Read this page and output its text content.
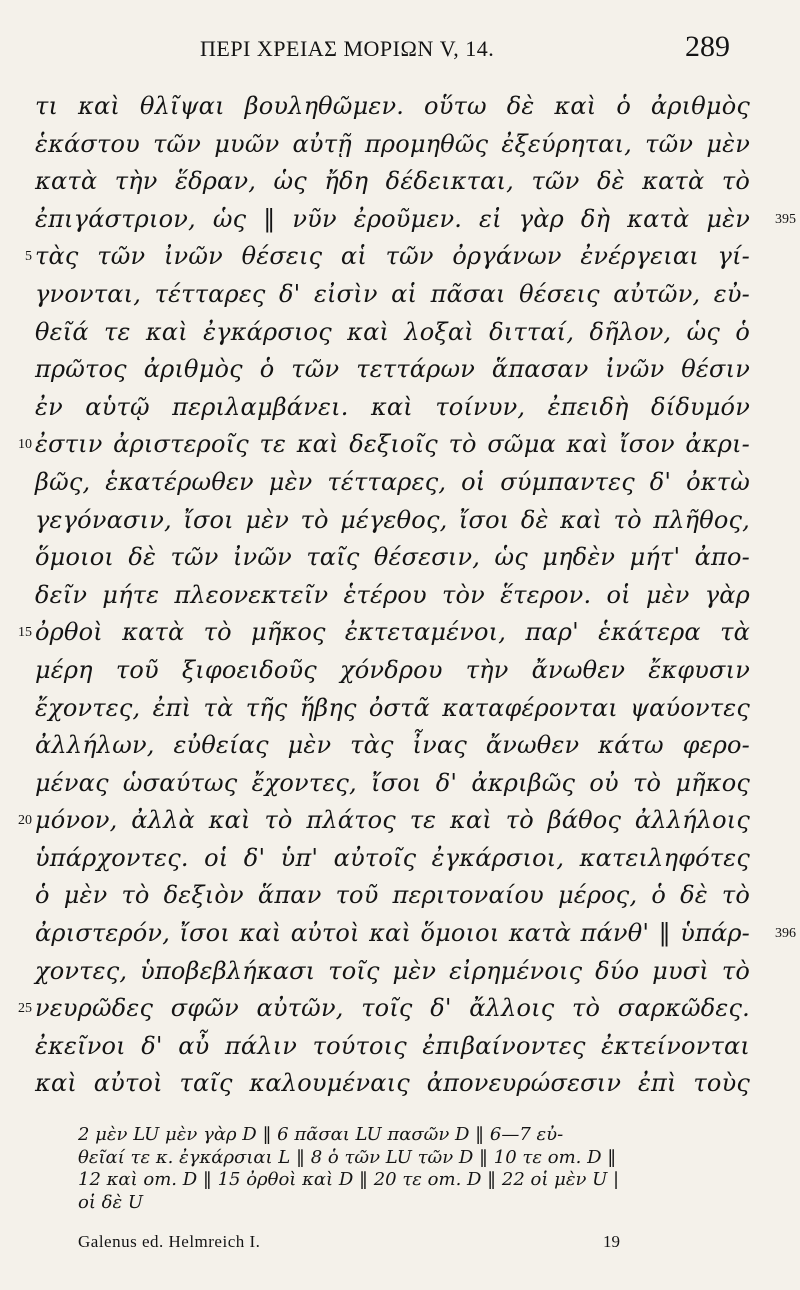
ΠΕΡΙ ΧΡΕΙΑΣ ΜΟΡΙΩΝ V, 14.	289
τι καὶ θλῖψαι βουληθῶμεν. οὕτω δὲ καὶ ὁ ἀριθμὸς
ἑκάστου τῶν μυῶν αὐτῇ προμηθῶς ἐξεύρηται, τῶν μὲν
κατὰ τὴν ἕδραν, ὡς ἤδη δέδεικται, τῶν δὲ κατὰ τὸ
ἐπιγάστριον, ὡς ‖ νῦν ἐροῦμεν. εἰ γὰρ δὴ κατὰ μὲν	395
5 τὰς τῶν ἰνῶν θέσεις αἱ τῶν ὀργάνων ἐνέργειαι γί-
γνονται, τέτταρες δ' εἰσὶν αἱ πᾶσαι θέσεις αὐτῶν, εὐ-
θεῖά τε καὶ ἐγκάρσιος καὶ λοξαὶ διτταί, δῆλον, ὡς ὁ
πρῶτος ἀριθμὸς ὁ τῶν τεττάρων ἅπασαν ἰνῶν θέσιν
ἐν αὑτῷ περιλαμβάνει. καὶ τοίνυν, ἐπειδὴ δίδυμόν
10 ἐστιν ἀριστεροῖς τε καὶ δεξιοῖς τὸ σῶμα καὶ ἴσον ἀκρι-
βῶς, ἑκατέρωθεν μὲν τέτταρες, οἱ σύμπαντες δ' ὀκτὼ
γεγόνασιν, ἴσοι μὲν τὸ μέγεθος, ἴσοι δὲ καὶ τὸ πλῆθος,
ὅμοιοι δὲ τῶν ἰνῶν ταῖς θέσεσιν, ὡς μηδὲν μήτ' ἀπο-
δεῖν μήτε πλεονεκτεῖν ἑτέρου τὸν ἕτερον. οἱ μὲν γὰρ
15 ὀρθοὶ κατὰ τὸ μῆκος ἐκτεταμένοι, παρ' ἑκάτερα τὰ
μέρη τοῦ ξιφοειδοῦς χόνδρου τὴν ἄνωθεν ἔκφυσιν
ἔχοντες, ἐπὶ τὰ τῆς ἥβης ὀστᾶ καταφέρονται ψαύοντες
ἀλλήλων, εὐθείας μὲν τὰς ἶνας ἄνωθεν κάτω φερο-
μένας ὡσαύτως ἔχοντες, ἴσοι δ' ἀκριβῶς οὐ τὸ μῆκος
20 μόνον, ἀλλὰ καὶ τὸ πλάτος τε καὶ τὸ βάθος ἀλλήλοις
ὑπάρχοντες. οἱ δ' ὑπ' αὐτοῖς ἐγκάρσιοι, κατειληφότες
ὁ μὲν τὸ δεξιὸν ἅπαν τοῦ περιτοναίου μέρος, ὁ δὲ τὸ
ἀριστερόν, ἴσοι καὶ αὐτοὶ καὶ ὅμοιοι κατὰ πάνθ' ‖ ὑπάρ-	396
χοντες, ὑποβεβλήκασι τοῖς μὲν εἰρημένοις δύο μυσὶ τὸ
25 νευρῶδες σφῶν αὐτῶν, τοῖς δ' ἄλλοις τὸ σαρκῶδες.
ἐκεῖνοι δ' αὖ πάλιν τούτοις ἐπιβαίνοντες ἐκτείνονται
καὶ αὐτοὶ ταῖς καλουμέναις ἀπονευρώσεσιν ἐπὶ τοὺς
2 μὲν LU μὲν γὰρ D ‖ 6 πᾶσαι LU πασῶν D ‖ 6—7 εὐ-
θεῖαί τε κ. ἐγκάρσιαι L ‖ 8 ὁ τῶν LU τῶν D ‖ 10 τε om. D ‖
12 καὶ om. D ‖ 15 ὀρθοὶ καὶ D ‖ 20 τε om. D ‖ 22 οἱ μὲν U |
οἱ δὲ U
Galenus ed. Helmreich I.	19
